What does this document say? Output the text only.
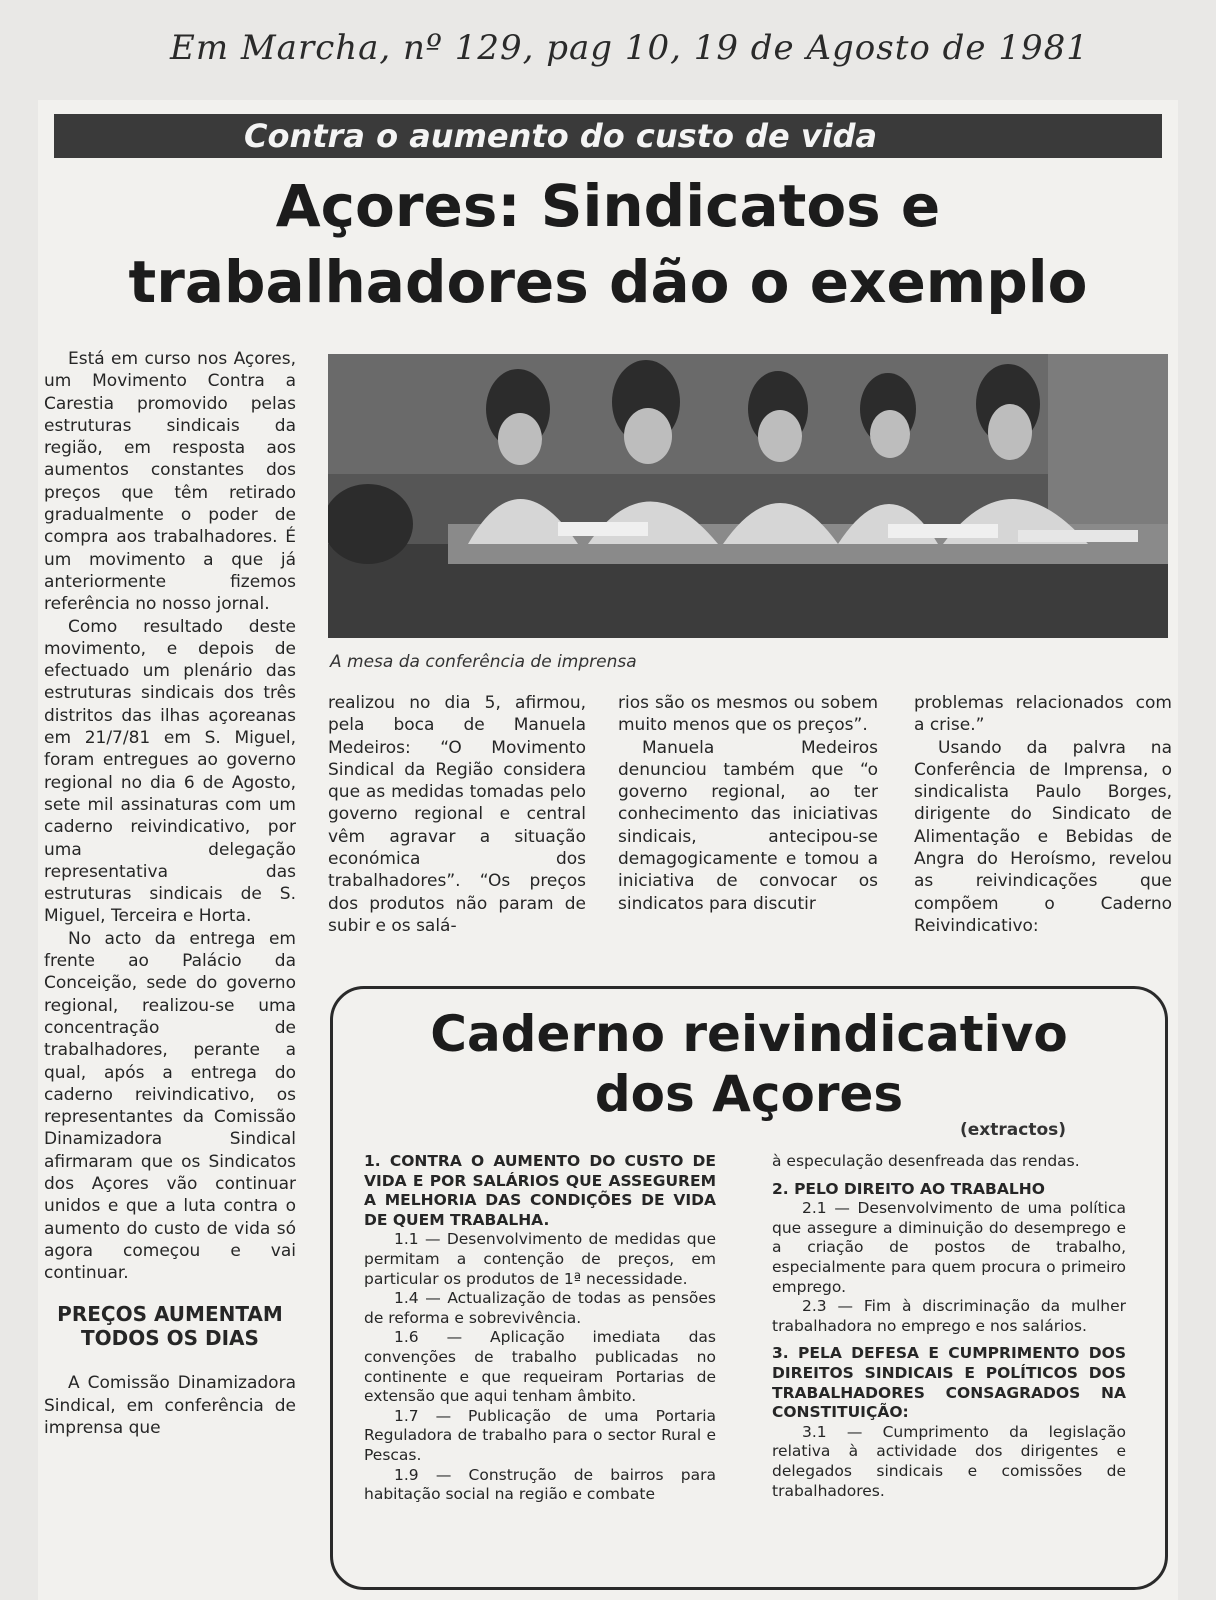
Em Marcha, nº 129, pag 10, 19 de Agosto de 1981
Contra o aumento do custo de vida
Açores: Sindicatos e
trabalhadores dão o exemplo

Está em curso nos Açores, um Movimento Contra a Carestia promovido pelas estruturas sindicais da região, em resposta aos aumentos constantes dos preços que têm retirado gradualmente o poder de compra aos trabalhadores. É um movimento a que já anteriormente fizemos referência no nosso jornal.

Como resultado deste movimento, e depois de efectuado um plenário das estruturas sindicais dos três distritos das ilhas açoreanas em 21/7/81 em S. Miguel, foram entregues ao governo regional no dia 6 de Agosto, sete mil assinaturas com um caderno reivindicativo, por uma delegação representativa das estruturas sindicais de S. Miguel, Terceira e Horta.

No acto da entrega em frente ao Palácio da Conceição, sede do governo regional, realizou-se uma concentração de trabalhadores, perante a qual, após a entrega do caderno reivindicativo, os representantes da Comissão Dinamizadora Sindical afirmaram que os Sindicatos dos Açores vão continuar unidos e que a luta contra o aumento do custo de vida só agora começou e vai continuar.

PREÇOS AUMENTAM TODOS OS DIAS

A Comissão Dinamizadora Sindical, em conferência de imprensa que

A mesa da conferência de imprensa

realizou no dia 5, afirmou, pela boca de Manuela Medeiros: “O Movimento Sindical da Região considera que as medidas tomadas pelo governo regional e central vêm agravar a situação económica dos trabalhadores”. “Os preços dos produtos não param de subir e os salá-

rios são os mesmos ou sobem muito menos que os preços”.

Manuela Medeiros denunciou também que “o governo regional, ao ter conhecimento das iniciativas sindicais, antecipou-se demagogicamente e tomou a iniciativa de convocar os sindicatos para discutir

problemas relacionados com a crise.”

Usando da palvra na Conferência de Imprensa, o sindicalista Paulo Borges, dirigente do Sindicato de Alimentação e Bebidas de Angra do Heroísmo, revelou as reivindicações que compõem o Caderno Reivindicativo:

Caderno reivindicativo
dos Açores
(extractos)

1. CONTRA O AUMENTO DO CUSTO DE VIDA E POR SALÁRIOS QUE ASSEGUREM A MELHORIA DAS CONDIÇÕES DE VIDA DE QUEM TRABALHA.

1.1 — Desenvolvimento de medidas que permitam a contenção de preços, em particular os produtos de 1ª necessidade.

1.4 — Actualização de todas as pensões de reforma e sobrevivência.

1.6 — Aplicação imediata das convenções de trabalho publicadas no continente e que requeiram Portarias de extensão que aqui tenham âmbito.

1.7 — Publicação de uma Portaria Reguladora de trabalho para o sector Rural e Pescas.

1.9 — Construção de bairros para habitação social na região e combate

à especulação desenfreada das rendas.

2. PELO DIREITO AO TRABALHO

2.1 — Desenvolvimento de uma política que assegure a diminuição do desemprego e a criação de postos de trabalho, especialmente para quem procura o primeiro emprego.

2.3 — Fim à discriminação da mulher trabalhadora no emprego e nos salários.

3. PELA DEFESA E CUMPRIMENTO DOS DIREITOS SINDICAIS E POLÍTICOS DOS TRABALHADORES CONSAGRADOS NA CONSTITUIÇÃO:

3.1 — Cumprimento da legislação relativa à actividade dos dirigentes e delegados sindicais e comissões de trabalhadores.
